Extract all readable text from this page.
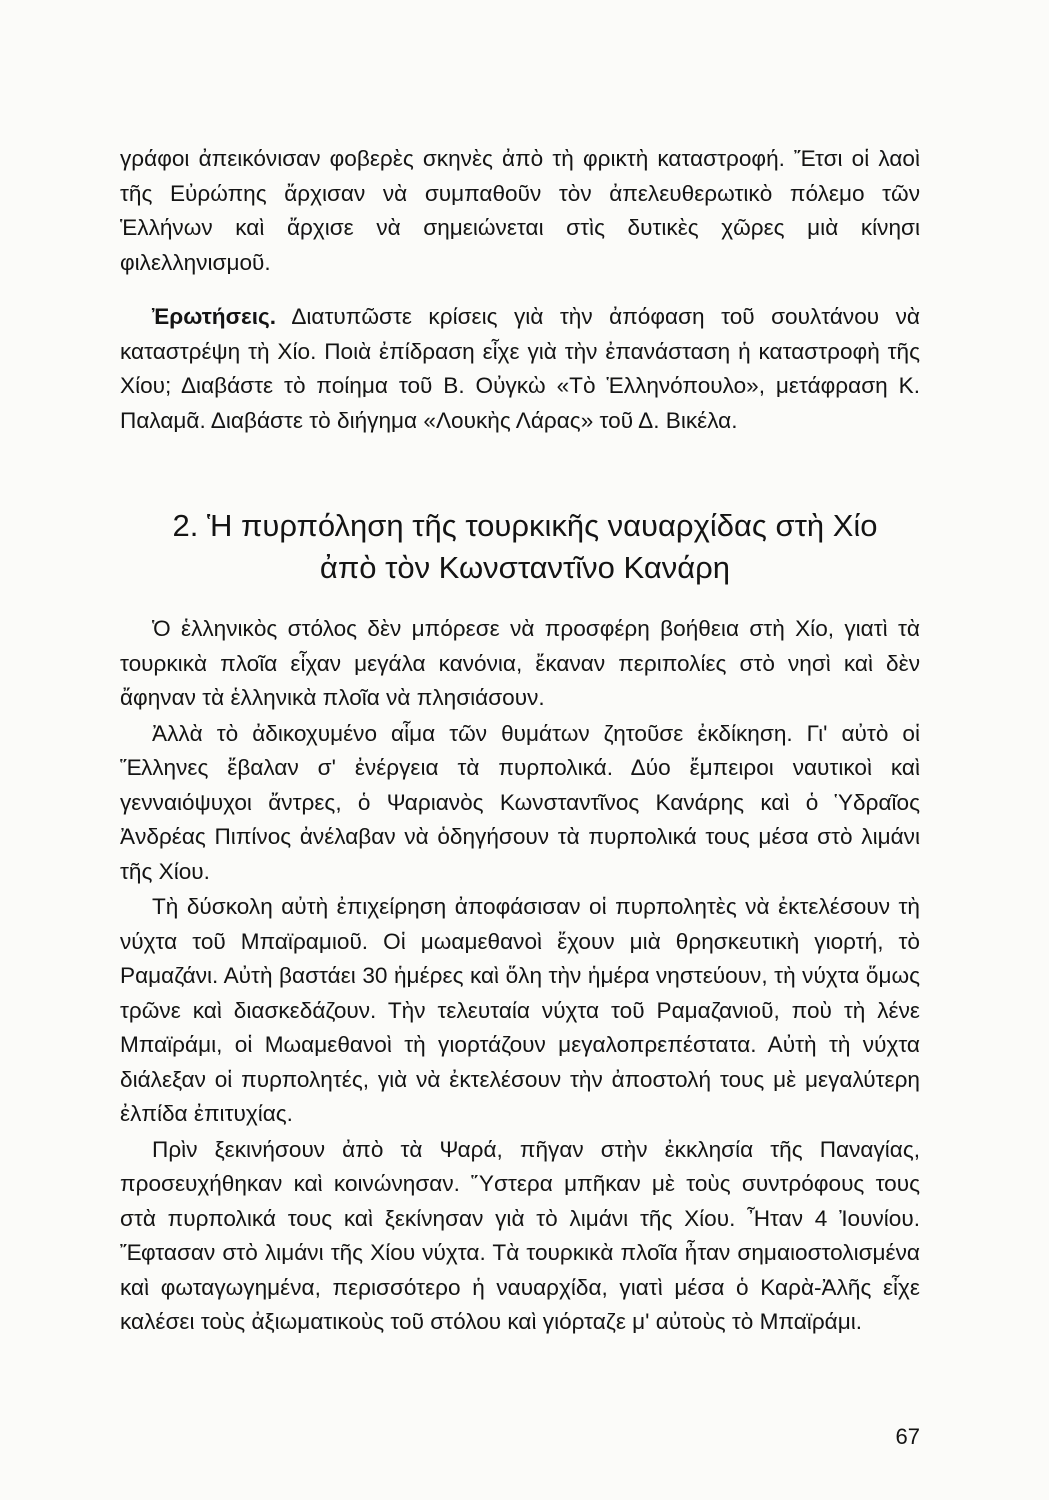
γράφοι ἀπεικόνισαν φοβερὲς σκηνὲς ἀπὸ τὴ φρικτὴ καταστροφή. Ἔτσι οἱ λαοὶ τῆς Εὐρώπης ἄρχισαν νὰ συμπαθοῦν τὸν ἀπελευθερωτικὸ πόλεμο τῶν Ἑλλήνων καὶ ἄρχισε νὰ σημειώνεται στὶς δυτικὲς χῶρες μιὰ κίνησι φιλελληνισμοῦ.

Ἐρωτήσεις. Διατυπῶστε κρίσεις γιὰ τὴν ἀπόφαση τοῦ σουλτάνου νὰ καταστρέψη τὴ Χίο. Ποιὰ ἐπίδραση εἶχε γιὰ τὴν ἐπανάσταση ἡ καταστροφὴ τῆς Χίου; Διαβάστε τὸ ποίημα τοῦ Β. Οὐγκὼ «Τὸ Ἑλληνόπουλο», μετάφραση Κ. Παλαμᾶ. Διαβάστε τὸ διήγημα «Λουκὴς Λάρας» τοῦ Δ. Βικέλα.

2. Ἡ πυρπόληση τῆς τουρκικῆς ναυαρχίδας στὴ Χίο
ἀπὸ τὸν Κωνσταντῖνο Κανάρη

Ὁ ἑλληνικὸς στόλος δὲν μπόρεσε νὰ προσφέρη βοήθεια στὴ Χίο, γιατὶ τὰ τουρκικὰ πλοῖα εἶχαν μεγάλα κανόνια, ἔκαναν περιπολίες στὸ νησὶ καὶ δὲν ἄφηναν τὰ ἑλληνικὰ πλοῖα νὰ πλησιάσουν.

Ἀλλὰ τὸ ἀδικοχυμένο αἷμα τῶν θυμάτων ζητοῦσε ἐκδίκηση. Γι' αὐτὸ οἱ Ἕλληνες ἔβαλαν σ' ἐνέργεια τὰ πυρπολικά. Δύο ἔμπειροι ναυτικοὶ καὶ γενναιόψυχοι ἄντρες, ὁ Ψαριανὸς Κωνσταντῖνος Κανάρης καὶ ὁ Ὑδραῖος Ἀνδρέας Πιπίνος ἀνέλαβαν νὰ ὁδηγήσουν τὰ πυρπολικά τους μέσα στὸ λιμάνι τῆς Χίου.

Τὴ δύσκολη αὐτὴ ἐπιχείρηση ἀποφάσισαν οἱ πυρπολητὲς νὰ ἐκτελέσουν τὴ νύχτα τοῦ Μπαϊραμιοῦ. Οἱ μωαμεθανοὶ ἔχουν μιὰ θρησκευτικὴ γιορτή, τὸ Ραμαζάνι. Αὐτὴ βαστάει 30 ἡμέρες καὶ ὅλη τὴν ἡμέρα νηστεύουν, τὴ νύχτα ὅμως τρῶνε καὶ διασκεδάζουν. Τὴν τελευταία νύχτα τοῦ Ραμαζανιοῦ, ποὺ τὴ λένε Μπαϊράμι, οἱ Μωαμεθανοὶ τὴ γιορτάζουν μεγαλοπρεπέστατα. Αὐτὴ τὴ νύχτα διάλεξαν οἱ πυρπολητές, γιὰ νὰ ἐκτελέσουν τὴν ἀποστολή τους μὲ μεγαλύτερη ἐλπίδα ἐπιτυχίας.

Πρὶν ξεκινήσουν ἀπὸ τὰ Ψαρά, πῆγαν στὴν ἐκκλησία τῆς Παναγίας, προσευχήθηκαν καὶ κοινώνησαν. Ὕστερα μπῆκαν μὲ τοὺς συντρόφους τους στὰ πυρπολικά τους καὶ ξεκίνησαν γιὰ τὸ λιμάνι τῆς Χίου. Ἦταν 4 Ἰουνίου. Ἔφτασαν στὸ λιμάνι τῆς Χίου νύχτα. Τὰ τουρκικὰ πλοῖα ἦταν σημαιοστολισμένα καὶ φωταγωγημένα, περισσότερο ἡ ναυαρχίδα, γιατὶ μέσα ὁ Καρὰ-Ἀλῆς εἶχε καλέσει τοὺς ἀξιωματικοὺς τοῦ στόλου καὶ γιόρταζε μ' αὐτοὺς τὸ Μπαϊράμι.

67
